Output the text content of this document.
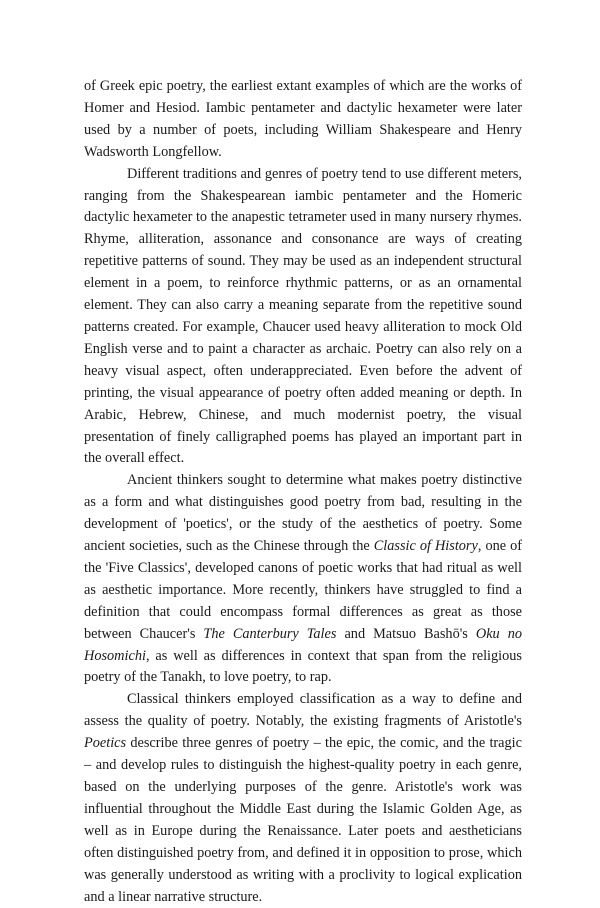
of Greek epic poetry, the earliest extant examples of which are the works of Homer and Hesiod. Iambic pentameter and dactylic hexameter were later used by a number of poets, including William Shakespeare and Henry Wadsworth Longfellow.

Different traditions and genres of poetry tend to use different meters, ranging from the Shakespearean iambic pentameter and the Homeric dactylic hexameter to the anapestic tetrameter used in many nursery rhymes. Rhyme, alliteration, assonance and consonance are ways of creating repetitive patterns of sound. They may be used as an independent structural element in a poem, to reinforce rhythmic patterns, or as an ornamental element. They can also carry a meaning separate from the repetitive sound patterns created. For example, Chaucer used heavy alliteration to mock Old English verse and to paint a character as archaic. Poetry can also rely on a heavy visual aspect, often underappreciated. Even before the advent of printing, the visual appearance of poetry often added meaning or depth. In Arabic, Hebrew, Chinese, and much modernist poetry, the visual presentation of finely calligraphed poems has played an important part in the overall effect.

Ancient thinkers sought to determine what makes poetry distinctive as a form and what distinguishes good poetry from bad, resulting in the development of 'poetics', or the study of the aesthetics of poetry. Some ancient societies, such as the Chinese through the Classic of History, one of the 'Five Classics', developed canons of poetic works that had ritual as well as aesthetic importance. More recently, thinkers have struggled to find a definition that could encompass formal differences as great as those between Chaucer's The Canterbury Tales and Matsuo Bashō's Oku no Hosomichi, as well as differences in context that span from the religious poetry of the Tanakh, to love poetry, to rap.

Classical thinkers employed classification as a way to define and assess the quality of poetry. Notably, the existing fragments of Aristotle's Poetics describe three genres of poetry – the epic, the comic, and the tragic – and develop rules to distinguish the highest-quality poetry in each genre, based on the underlying purposes of the genre. Aristotle's work was influential throughout the Middle East during the Islamic Golden Age, as well as in Europe during the Renaissance. Later poets and aestheticians often distinguished poetry from, and defined it in opposition to prose, which was generally understood as writing with a proclivity to logical explication and a linear narrative structure.
